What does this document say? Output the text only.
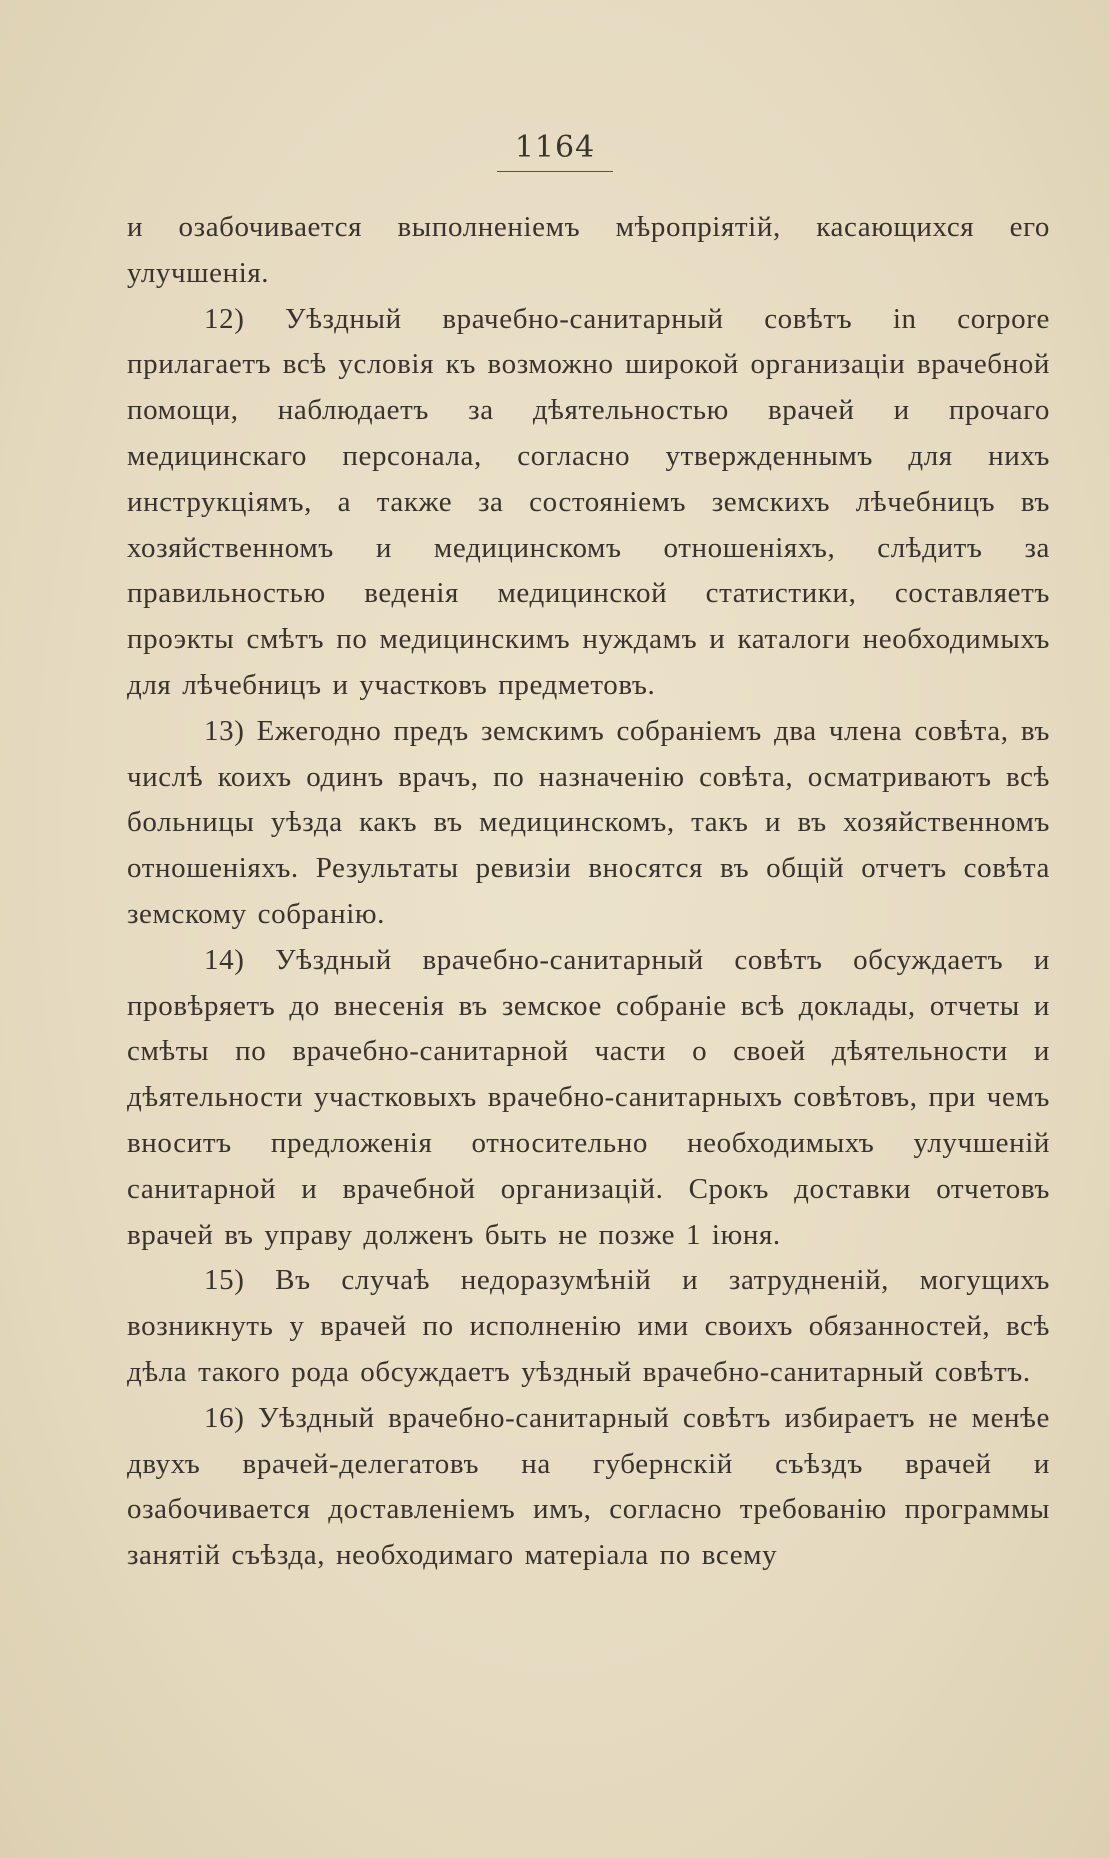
1164

и озабочивается выполненіемъ мѣропріятій, касающихся его улучшенія.

12) Уѣздный врачебно-санитарный совѣтъ in corpore прилагаетъ всѣ условія къ возможно широкой организаціи врачебной помощи, наблюдаетъ за дѣятельностью врачей и прочаго медицинскаго персонала, согласно утвержденнымъ для нихъ инструкціямъ, а также за состояніемъ земскихъ лѣчебницъ въ хозяйственномъ и медицинскомъ отношеніяхъ, слѣдитъ за правильностью веденія медицинской статистики, составляетъ проэкты смѣтъ по медицинскимъ нуждамъ и каталоги необходимыхъ для лѣчебницъ и участковъ предметовъ.

13) Ежегодно предъ земскимъ собраніемъ два члена совѣта, въ числѣ коихъ одинъ врачъ, по назначенію совѣта, осматриваютъ всѣ больницы уѣзда какъ въ медицинскомъ, такъ и въ хозяйственномъ отношеніяхъ. Результаты ревизіи вносятся въ общій отчетъ совѣта земскому собранію.

14) Уѣздный врачебно-санитарный совѣтъ обсуждаетъ и провѣряетъ до внесенія въ земское собраніе всѣ доклады, отчеты и смѣты по врачебно-санитарной части о своей дѣятельности и дѣятельности участковыхъ врачебно-санитарныхъ совѣтовъ, при чемъ вноситъ предложенія относительно необходимыхъ улучшеній санитарной и врачебной организацій. Срокъ доставки отчетовъ врачей въ управу долженъ быть не позже 1 іюня.

15) Въ случаѣ недоразумѣній и затрудненій, могущихъ возникнуть у врачей по исполненію ими своихъ обязанностей, всѣ дѣла такого рода обсуждаетъ уѣздный врачебно-санитарный совѣтъ.

16) Уѣздный врачебно-санитарный совѣтъ избираетъ не менѣе двухъ врачей-делегатовъ на губернскій съѣздъ врачей и озабочивается доставленіемъ имъ, согласно требованію программы занятій съѣзда, необходимаго матеріала по всему
